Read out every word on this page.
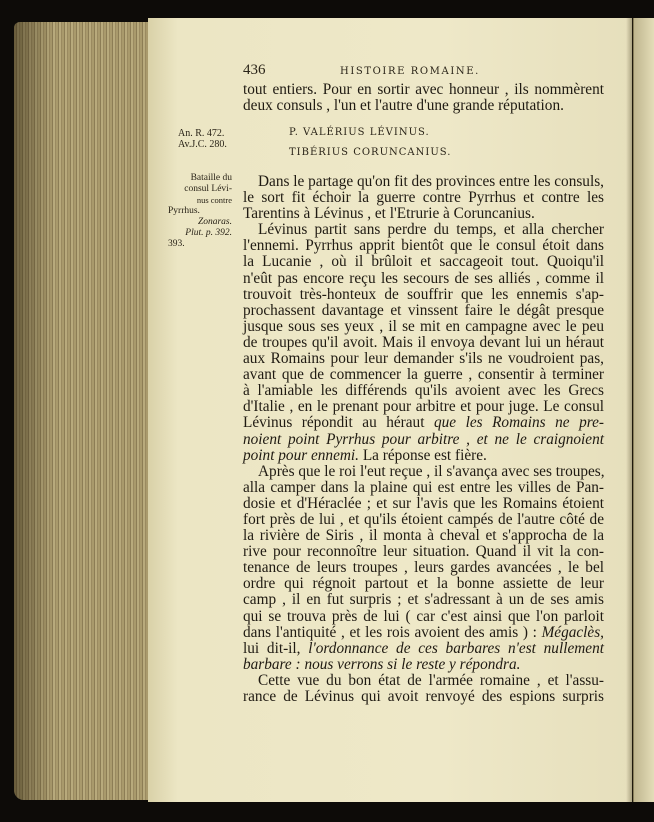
436	HISTOIRE ROMAINE.
tout entiers. Pour en sortir avec honneur , ils nommèrent
deux consuls , l'un et l'autre d'une grande réputation.
An. R. 472.
Av.J.C. 280.
P. VALÉRIUS LÉVINUS.
TIBÉRIUS CORUNCANIUS.
Bataille du
consul Lévi-
nus contre
Pyrrhus.
Zonaras.
Plut. p. 392.
393.
Dans le partage qu'on fit des provinces entre les consuls,
le sort fit échoir la guerre contre Pyrrhus et contre les
Tarentins à Lévinus , et l'Etrurie à Coruncanius.
Lévinus partit sans perdre du temps, et alla chercher
l'ennemi. Pyrrhus apprit bientôt que le consul étoit dans
la Lucanie , où il brûloit et saccageoit tout. Quoiqu'il
n'eût pas encore reçu les secours de ses alliés , comme il
trouvoit très-honteux de souffrir que les ennemis s'ap-
prochassent davantage et vinssent faire le dégât presque
jusque sous ses yeux , il se mit en campagne avec le peu
de troupes qu'il avoit. Mais il envoya devant lui un héraut
aux Romains pour leur demander s'ils ne voudroient pas,
avant que de commencer la guerre , consentir à terminer
à l'amiable les différends qu'ils avoient avec les Grecs
d'Italie , en le prenant pour arbitre et pour juge. Le consul
Lévinus répondit au héraut que les Romains ne pre-
noient point Pyrrhus pour arbitre , et ne le craignoient
point pour ennemi. La réponse est fière.
Après que le roi l'eut reçue , il s'avança avec ses troupes,
alla camper dans la plaine qui est entre les villes de Pan-
dosie et d'Héraclée ; et sur l'avis que les Romains étoient
fort près de lui , et qu'ils étoient campés de l'autre côté de
la rivière de Siris , il monta à cheval et s'approcha de la
rive pour reconnoître leur situation. Quand il vit la con-
tenance de leurs troupes , leurs gardes avancées , le bel
ordre qui régnoit partout et la bonne assiette de leur
camp , il en fut surpris ; et s'adressant à un de ses amis
qui se trouva près de lui ( car c'est ainsi que l'on parloit
dans l'antiquité , et les rois avoient des amis ) : Mégaclès,
lui dit-il, l'ordonnance de ces barbares n'est nullement
barbare : nous verrons si le reste y répondra.
Cette vue du bon état de l'armée romaine , et l'assu-
rance de Lévinus qui avoit renvoyé des espions surpris
